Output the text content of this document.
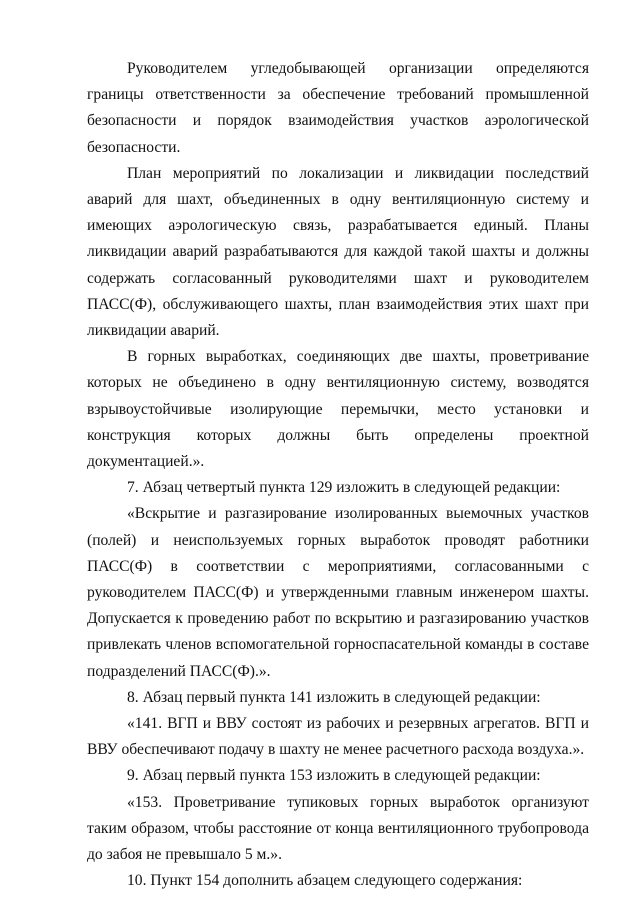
Руководителем угледобывающей организации определяются границы ответственности за обеспечение требований промышленной безопасности и порядок взаимодействия участков аэрологической безопасности.

План мероприятий по локализации и ликвидации последствий аварий для шахт, объединенных в одну вентиляционную систему и имеющих аэрологическую связь, разрабатывается единый. Планы ликвидации аварий разрабатываются для каждой такой шахты и должны содержать согласованный руководителями шахт и руководителем ПАСС(Ф), обслуживающего шахты, план взаимодействия этих шахт при ликвидации аварий.

В горных выработках, соединяющих две шахты, проветривание которых не объединено в одну вентиляционную систему, возводятся взрывоустойчивые изолирующие перемычки, место установки и конструкция которых должны быть определены проектной документацией.».

7. Абзац четвертый пункта 129 изложить в следующей редакции:

«Вскрытие и разгазирование изолированных выемочных участков (полей) и неиспользуемых горных выработок проводят работники ПАСС(Ф) в соответствии с мероприятиями, согласованными с руководителем ПАСС(Ф) и утвержденными главным инженером шахты. Допускается к проведению работ по вскрытию и разгазированию участков привлекать членов вспомогательной горноспасательной команды в составе подразделений ПАСС(Ф).».

8. Абзац первый пункта 141 изложить в следующей редакции:

«141. ВГП и ВВУ состоят из рабочих и резервных агрегатов. ВГП и ВВУ обеспечивают подачу в шахту не менее расчетного расхода воздуха.».

9. Абзац первый пункта 153 изложить в следующей редакции:

«153. Проветривание тупиковых горных выработок организуют таким образом, чтобы расстояние от конца вентиляционного трубопровода до забоя не превышало 5 м.».

10. Пункт 154 дополнить абзацем следующего содержания:
